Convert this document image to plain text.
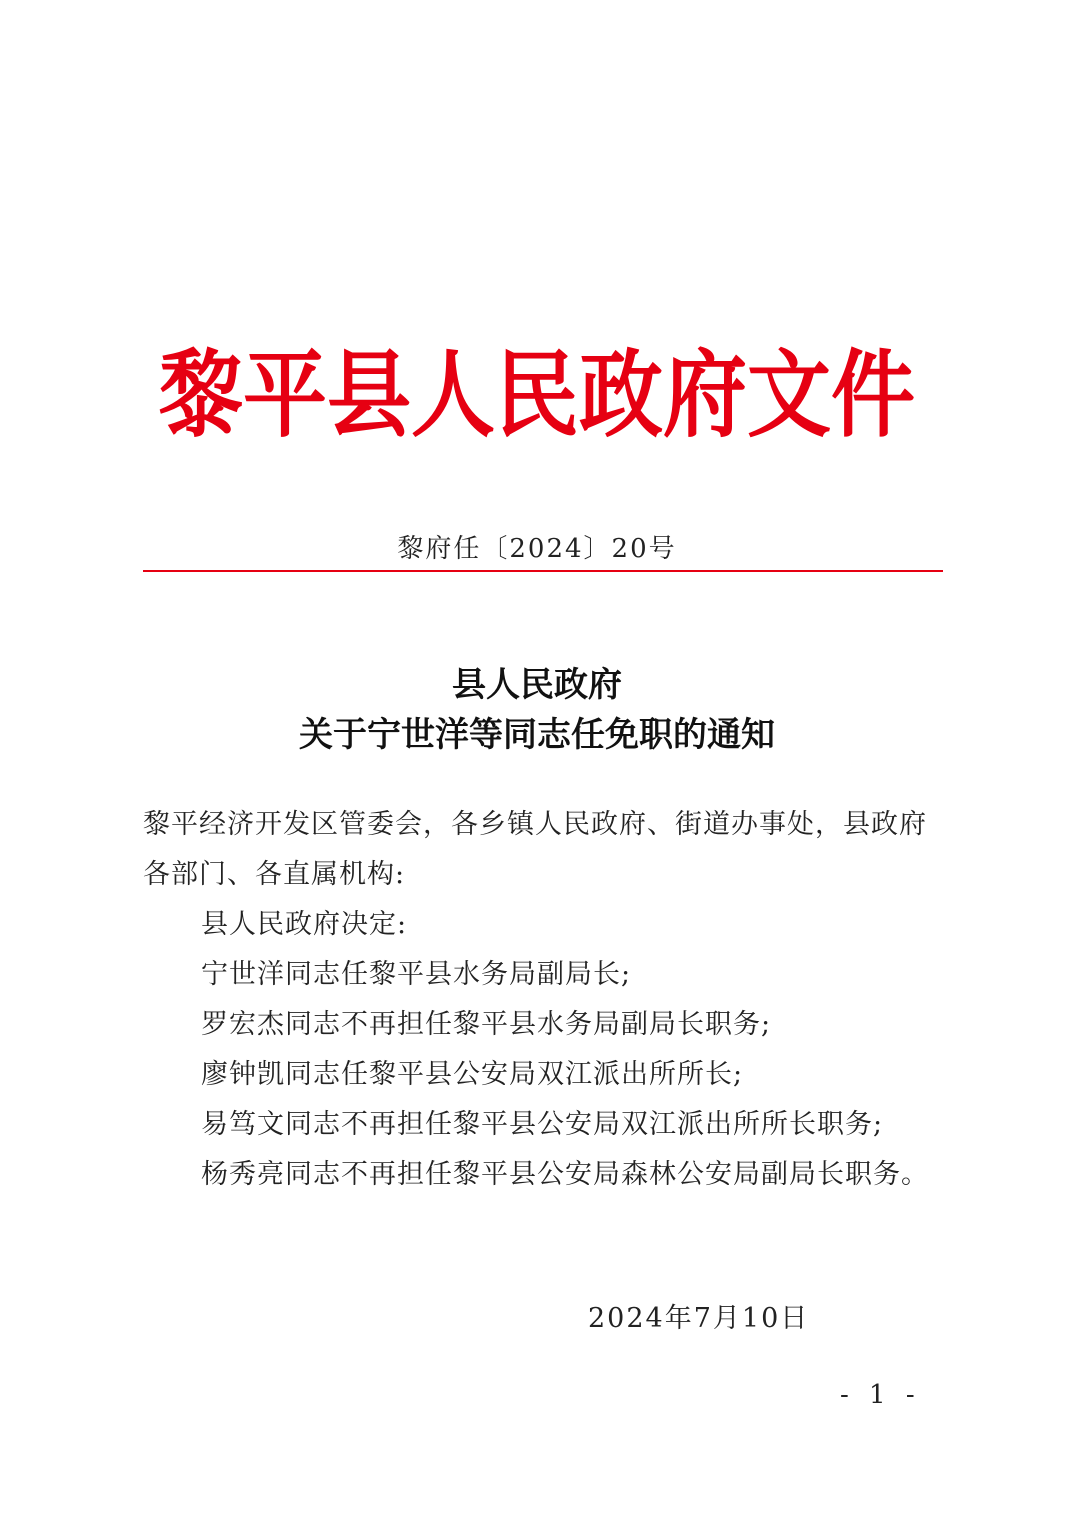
黎平县人民政府文件
黎府任〔2024〕20号
县人民政府
关于宁世洋等同志任免职的通知
黎平经济开发区管委会，各乡镇人民政府、街道办事处，县政府各部门、各直属机构:
县人民政府决定:
宁世洋同志任黎平县水务局副局长;
罗宏杰同志不再担任黎平县水务局副局长职务;
廖钟凯同志任黎平县公安局双江派出所所长;
易笃文同志不再担任黎平县公安局双江派出所所长职务;
杨秀亮同志不再担任黎平县公安局森林公安局副局长职务。
2024年7月10日
- 1 -
